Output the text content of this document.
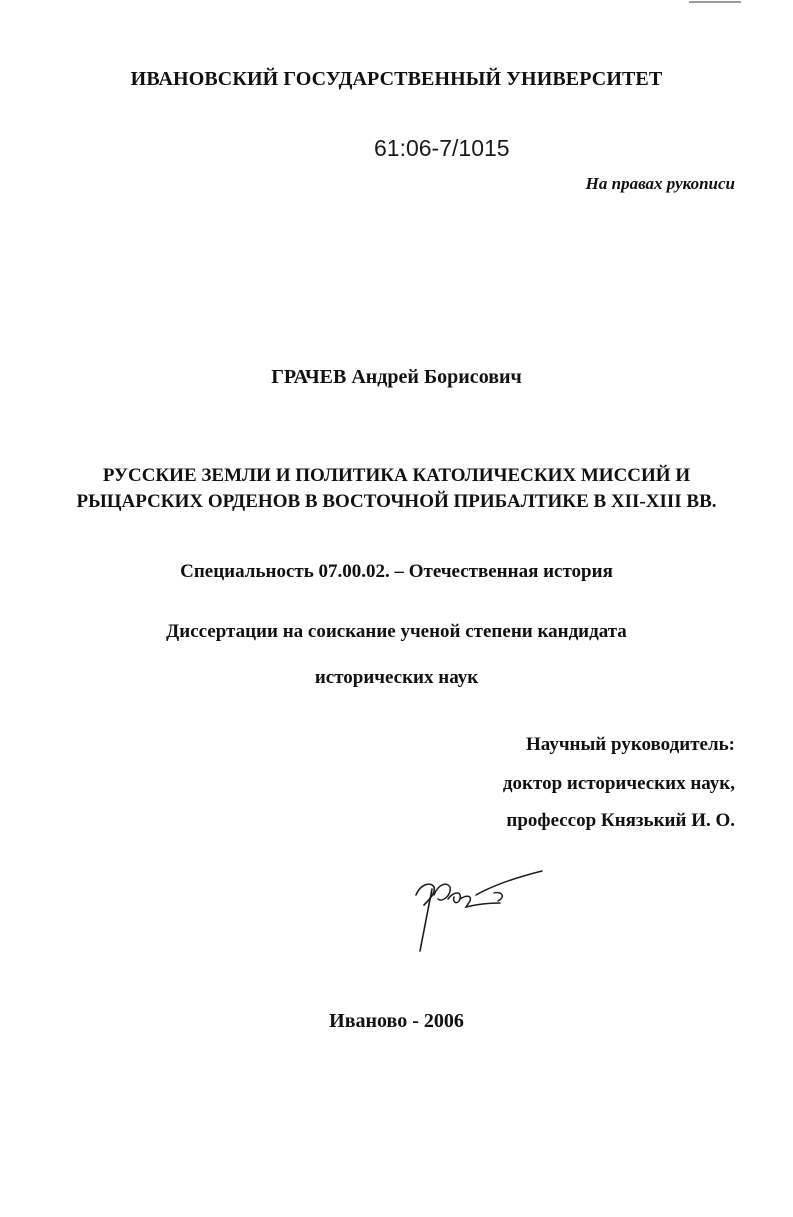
ИВАНОВСКИЙ ГОСУДАРСТВЕННЫЙ УНИВЕРСИТЕТ

61:06-7/1015

На правах рукописи

ГРАЧЕВ Андрей Борисович

РУССКИЕ ЗЕМЛИ И ПОЛИТИКА КАТОЛИЧЕСКИХ МИССИЙ И
РЫЦАРСКИХ ОРДЕНОВ В ВОСТОЧНОЙ ПРИБАЛТИКЕ В XII-XIII ВВ.

Специальность 07.00.02. – Отечественная история

Диссертации на соискание ученой степени кандидата
исторических наук

Научный руководитель:

доктор исторических наук,

профессор Князький И. О.

Иваново - 2006
